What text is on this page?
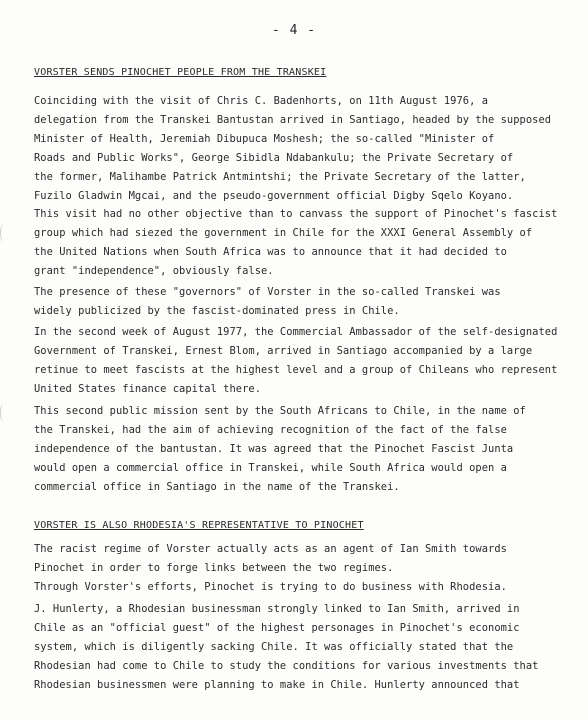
- 4 -
VORSTER SENDS PINOCHET PEOPLE FROM THE TRANSKEI
Coinciding with the visit of Chris C. Badenhorts, on 11th August 1976, a
delegation from the Transkei Bantustan arrived in Santiago, headed by the supposed
Minister of Health, Jeremiah Dibupuca Moshesh; the so-called "Minister of
Roads and Public Works", George Sibidla Ndabankulu; the Private Secretary of
the former, Malihambe Patrick Antmintshi; the Private Secretary of the latter,
Fuzilo Gladwin Mgcai, and the pseudo-government official Digby Sqelo Koyano.
This visit had no other objective than to canvass the support of Pinochet's fascist
group which had siezed the government in Chile for the XXXI General Assembly of
the United Nations when South Africa was to announce that it had decided to
grant "independence", obviously false.
The presence of these "governors" of Vorster in the so-called Transkei was
widely publicized by the fascist-dominated press in Chile.
In the second week of August 1977, the Commercial Ambassador of the self-designated
Government of Transkei, Ernest Blom, arrived in Santiago accompanied by a large
retinue to meet fascists at the highest level and a group of Chileans who represent
United States finance capital there.
This second public mission sent by the South Africans to Chile, in the name of
the Transkei, had the aim of achieving recognition of the fact of the false
independence of the bantustan. It was agreed that the Pinochet Fascist Junta
would open a commercial office in Transkei, while South Africa would open a
commercial office in Santiago in the name of the Transkei.
VORSTER IS ALSO RHODESIA'S REPRESENTATIVE TO PINOCHET
The racist regime of Vorster actually acts as an agent of Ian Smith towards
Pinochet in order to forge links between the two regimes.
Through Vorster's efforts, Pinochet is trying to do business with Rhodesia.
J. Hunlerty, a Rhodesian businessman strongly linked to Ian Smith, arrived in
Chile as an "official guest" of the highest personages in Pinochet's economic
system, which is diligently sacking Chile. It was officially stated that the
Rhodesian had come to Chile to study the conditions for various investments that
Rhodesian businessmen were planning to make in Chile. Hunlerty announced that
